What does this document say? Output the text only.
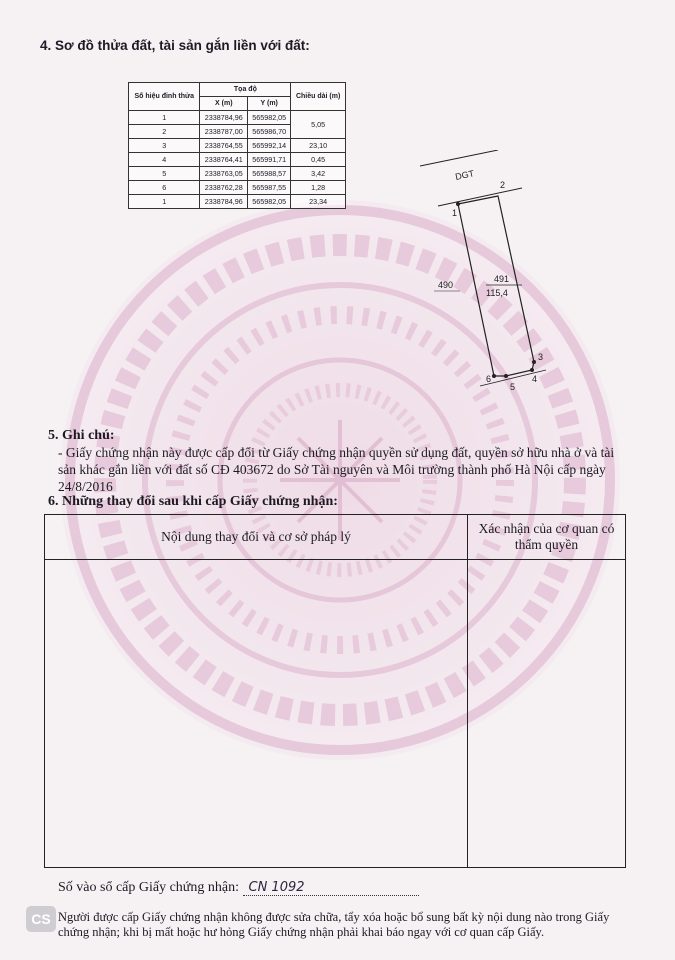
4. Sơ đồ thửa đất, tài sản gắn liền với đất:
Số hiệu đỉnh thửa	Tọa độ		Chiều dài (m)
	X (m)	Y (m)	
1	2338784,96	565982,05	5,05
2	2338787,00	565986,70	
3	2338764,55	565992,14	23,10
4	2338764,41	565991,71	0,45
5	2338763,05	565988,57	3,42
6	2338762,28	565987,55	1,28
1	2338784,96	565982,05	23,34
DGT
1
2
3
4
5
6
490
491
115,4
5. Ghi chú:
- Giấy chứng nhận này được cấp đổi từ Giấy chứng nhận quyền sử dụng đất, quyền sở hữu nhà ở và tài sản khác gắn liền với đất số CĐ 403672 do Sở Tài nguyên và Môi trường thành phố Hà Nội cấp ngày 24/8/2016
6. Những thay đổi sau khi cấp Giấy chứng nhận:
Nội dung thay đổi và cơ sở pháp lý	Xác nhận của cơ quan có thẩm quyền

Số vào sổ cấp Giấy chứng nhận: CN 1092
Người được cấp Giấy chứng nhận không được sửa chữa, tẩy xóa hoặc bổ sung bất kỳ nội dung nào trong Giấy chứng nhận; khi bị mất hoặc hư hỏng Giấy chứng nhận phải khai báo ngay với cơ quan cấp Giấy.
CS
